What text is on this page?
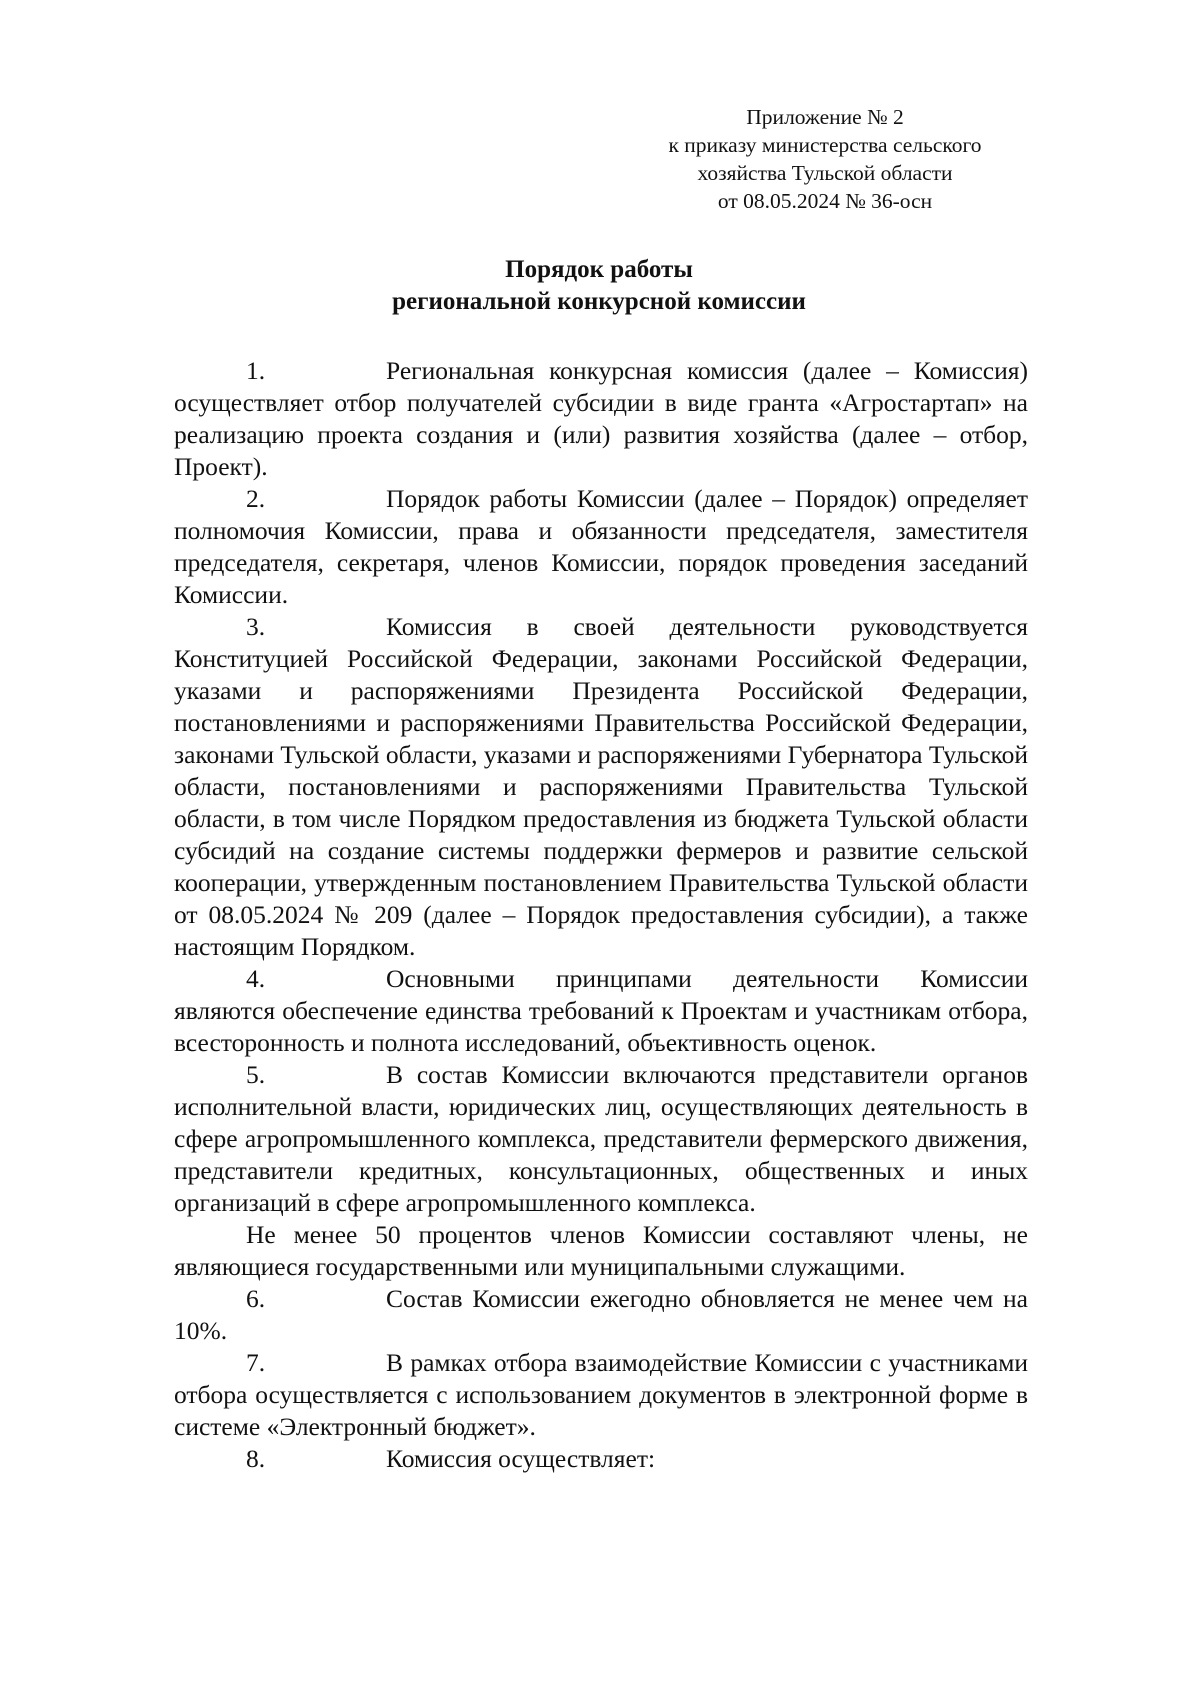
Приложение № 2
к приказу министерства сельского
хозяйства Тульской области
от 08.05.2024 № 36-осн
Порядок работы
региональной конкурсной комиссии

1.	Региональная конкурсная комиссия (далее – Комиссия) осуществляет отбор получателей субсидии в виде гранта «Агростартап» на реализацию проекта создания и (или) развития хозяйства (далее – отбор, Проект).

2.	Порядок работы Комиссии (далее – Порядок) определяет полномочия Комиссии, права и обязанности председателя, заместителя председателя, секретаря, членов Комиссии, порядок проведения заседаний Комиссии.

3.	Комиссия в своей деятельности руководствуется Конституцией Российской Федерации, законами Российской Федерации, указами и распоряжениями Президента Российской Федерации, постановлениями и распоряжениями Правительства Российской Федерации, законами Тульской области, указами и распоряжениями Губернатора Тульской области, постановлениями и распоряжениями Правительства Тульской области, в том числе Порядком предоставления из бюджета Тульской области субсидий на создание системы поддержки фермеров и развитие сельской кооперации, утвержденным постановлением Правительства Тульской области от 08.05.2024 № 209 (далее – Порядок предоставления субсидии), а также настоящим Порядком.

4.	Основными принципами деятельности Комиссии являются обеспечение единства требований к Проектам и участникам отбора, всесторонность и полнота исследований, объективность оценок.

5.	В состав Комиссии включаются представители органов исполнительной власти, юридических лиц, осуществляющих деятельность в сфере агропромышленного комплекса, представители фермерского движения, представители кредитных, консультационных, общественных и иных организаций в сфере агропромышленного комплекса.

Не менее 50 процентов членов Комиссии составляют члены, не являющиеся государственными или муниципальными служащими.

6.	Состав Комиссии ежегодно обновляется не менее чем на 10%.

7.	В рамках отбора взаимодействие Комиссии с участниками отбора осуществляется с использованием документов в электронной форме в системе «Электронный бюджет».

8.	Комиссия осуществляет:
